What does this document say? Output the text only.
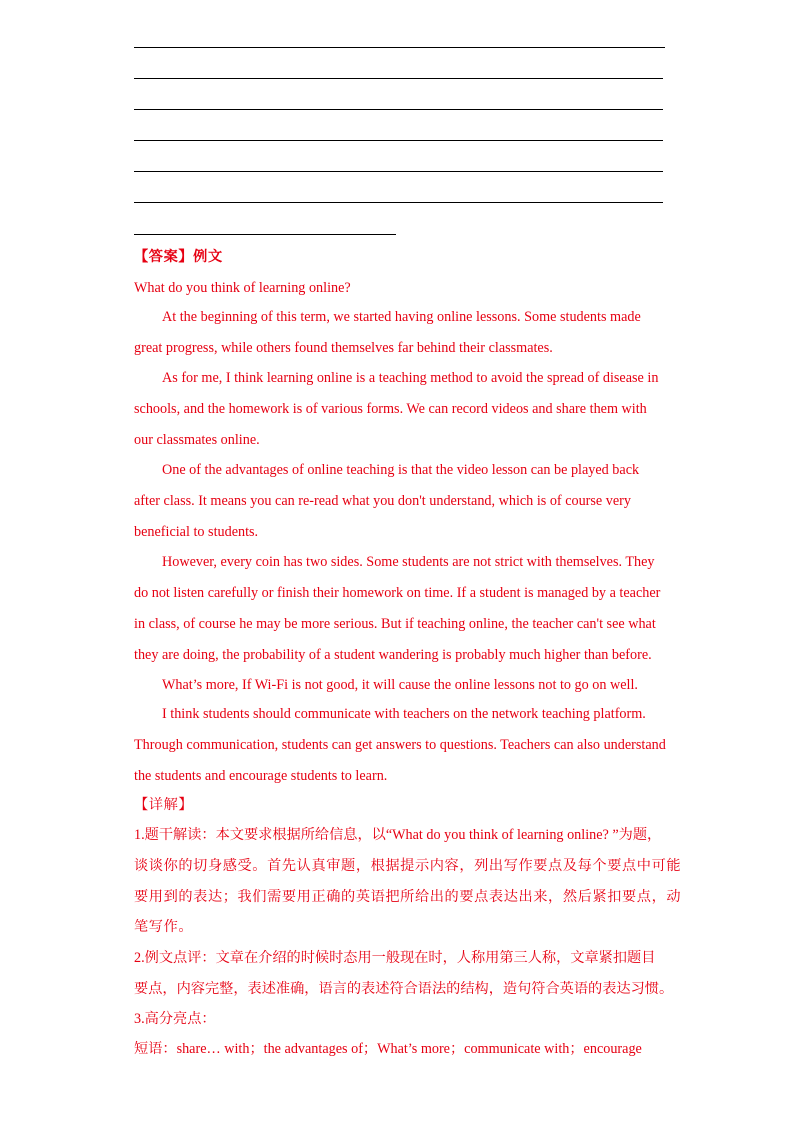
【答案】例文
What do you think of learning online?
At the beginning of this term, we started having online lessons. Some students made
great progress, while others found themselves far behind their classmates.
As for me, I think learning online is a teaching method to avoid the spread of disease in
schools, and the homework is of various forms. We can record videos and share them with
our classmates online.
One of the advantages of online teaching is that the video lesson can be played back
after class. It means you can re-read what you don't understand, which is of course very
beneficial to students.
However, every coin has two sides. Some students are not strict with themselves. They
do not listen carefully or finish their homework on time. If a student is managed by a teacher
in class, of course he may be more serious. But if teaching online, the teacher can't see what
they are doing, the probability of a student wandering is probably much higher than before.
What’s more, If Wi-Fi is not good, it will cause the online lessons not to go on well.
I think students should communicate with teachers on the network teaching platform.
Through communication, students can get answers to questions. Teachers can also understand
the students and encourage students to learn.
【详解】
1.题干解读：本文要求根据所给信息，以“What do you think of learning online? ”为题，
谈谈你的切身感受。首先认真审题，根据提示内容，列出写作要点及每个要点中可能
要用到的表达；我们需要用正确的英语把所给出的要点表达出来，然后紧扣要点，动
笔写作。
2.例文点评：文章在介绍的时候时态用一般现在时，人称用第三人称，文章紧扣题目
要点，内容完整，表述准确，语言的表述符合语法的结构，造句符合英语的表达习惯。
3.高分亮点：
短语：share… with；the advantages of；What’s more；communicate with；encourage
